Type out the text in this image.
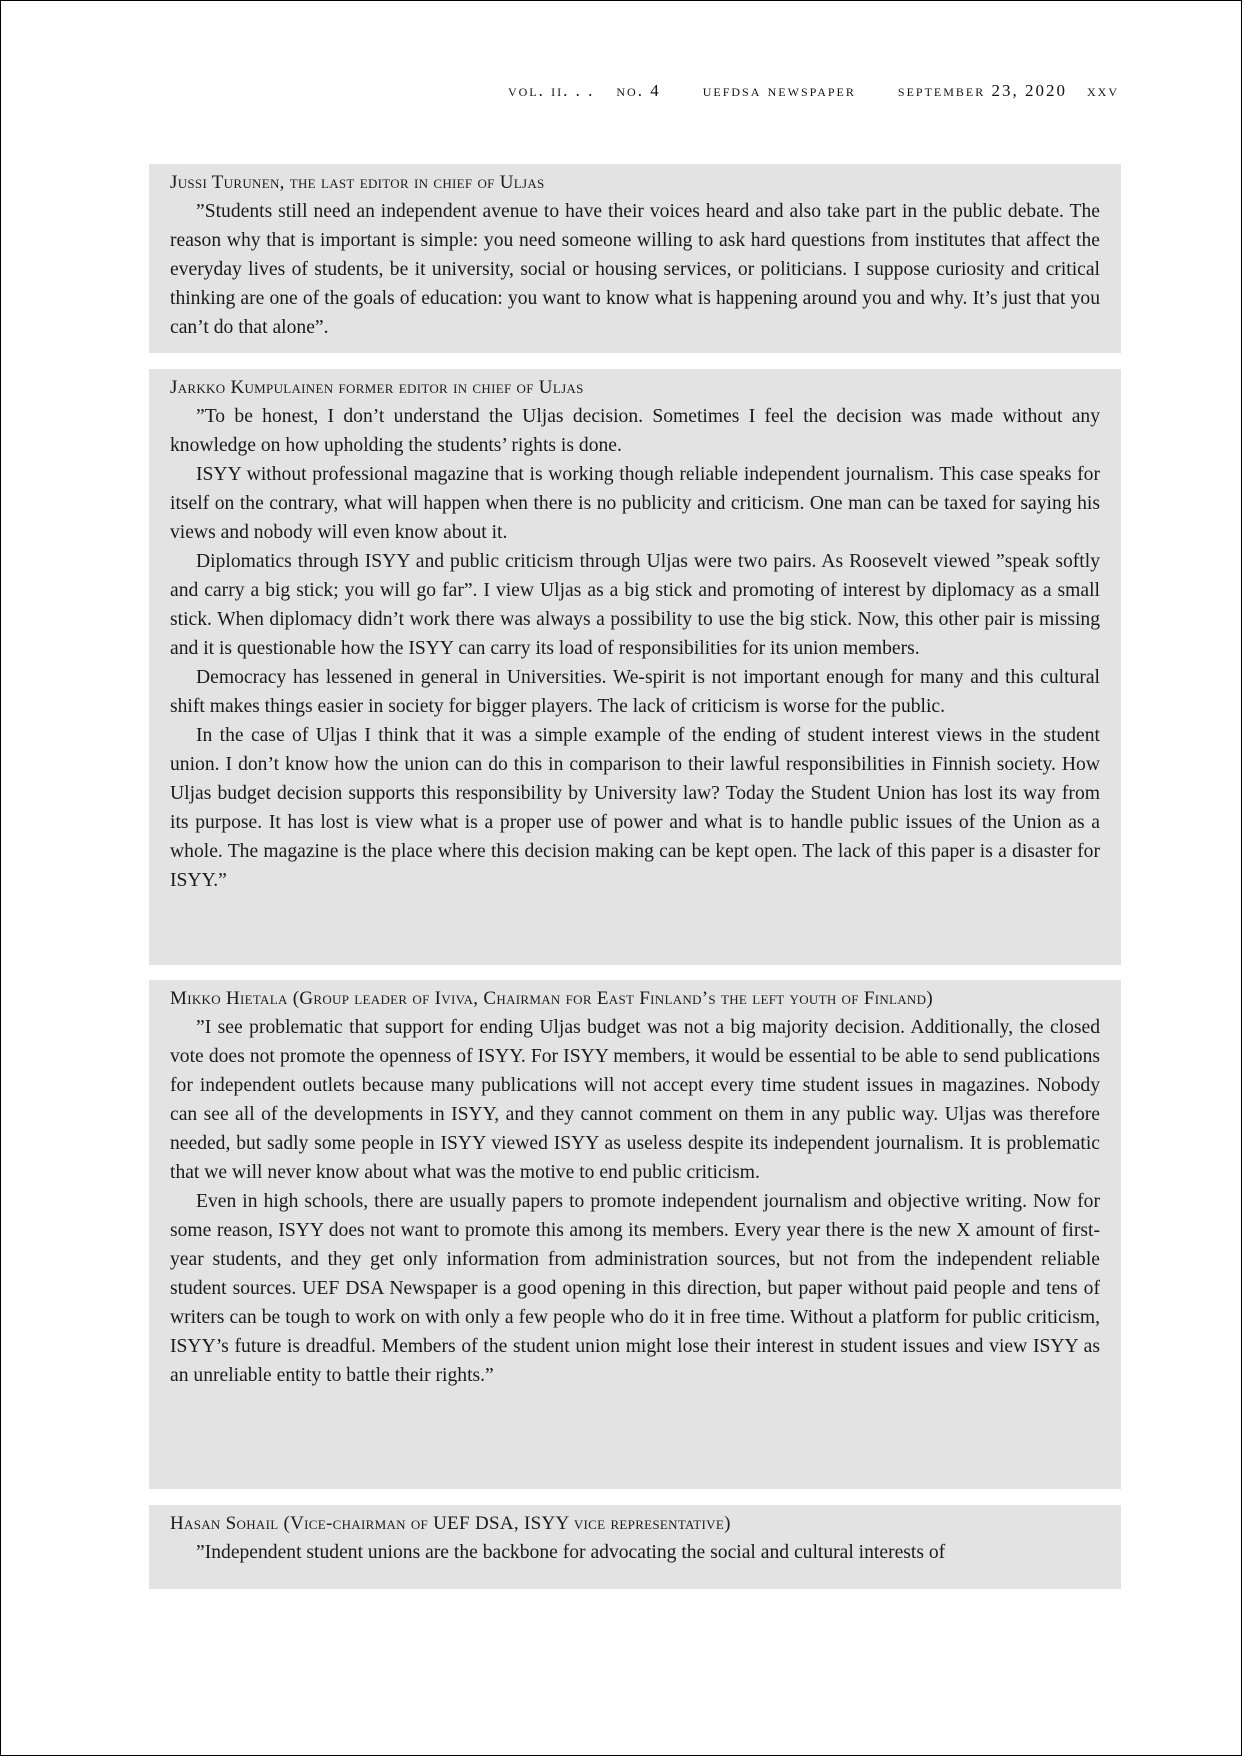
vol. ii. . . no. 4 uefdsa newspaper september 23, 2020 xxv
Jussi Turunen, the last editor in chief of Uljas

”Students still need an independent avenue to have their voices heard and also take part in the public debate. The reason why that is important is simple: you need someone willing to ask hard questions from institutes that affect the everyday lives of students, be it university, social or housing services, or politicians. I suppose curiosity and critical thinking are one of the goals of education: you want to know what is happening around you and why. It’s just that you can’t do that alone”.

Jarkko Kumpulainen former editor in chief of Uljas

”To be honest, I don’t understand the Uljas decision. Sometimes I feel the decision was made without any knowledge on how upholding the students’ rights is done.

ISYY without professional magazine that is working though reliable independent journalism. This case speaks for itself on the contrary, what will happen when there is no publicity and criticism. One man can be taxed for saying his views and nobody will even know about it.

Diplomatics through ISYY and public criticism through Uljas were two pairs. As Roosevelt viewed ”speak softly and carry a big stick; you will go far”. I view Uljas as a big stick and promoting of interest by diplomacy as a small stick. When diplomacy didn’t work there was always a possibility to use the big stick. Now, this other pair is missing and it is questionable how the ISYY can carry its load of responsibilities for its union members.

Democracy has lessened in general in Universities. We-spirit is not important enough for many and this cultural shift makes things easier in society for bigger players. The lack of criticism is worse for the public.

In the case of Uljas I think that it was a simple example of the ending of student interest views in the student union. I don’t know how the union can do this in comparison to their lawful responsibilities in Finnish society. How Uljas budget decision supports this responsibility by University law? Today the Student Union has lost its way from its purpose. It has lost is view what is a proper use of power and what is to handle public issues of the Union as a whole. The magazine is the place where this decision making can be kept open. The lack of this paper is a disaster for ISYY.”

Mikko Hietala (Group leader of Iviva, Chairman for East Finland’s the left youth of Finland)

”I see problematic that support for ending Uljas budget was not a big majority decision. Additionally, the closed vote does not promote the openness of ISYY. For ISYY members, it would be essential to be able to send publications for independent outlets because many publications will not accept every time student issues in magazines. Nobody can see all of the developments in ISYY, and they cannot comment on them in any public way. Uljas was therefore needed, but sadly some people in ISYY viewed ISYY as useless despite its independent journalism. It is problematic that we will never know about what was the motive to end public criticism.

Even in high schools, there are usually papers to promote independent journalism and objective writing. Now for some reason, ISYY does not want to promote this among its members. Every year there is the new X amount of first-year students, and they get only information from administration sources, but not from the independent reliable student sources. UEF DSA Newspaper is a good opening in this direction, but paper without paid people and tens of writers can be tough to work on with only a few people who do it in free time. Without a platform for public criticism, ISYY’s future is dreadful. Members of the student union might lose their interest in student issues and view ISYY as an unreliable entity to battle their rights.”

Hasan Sohail (Vice-chairman of UEF DSA, ISYY vice representative)

”Independent student unions are the backbone for advocating the social and cultural interests of
